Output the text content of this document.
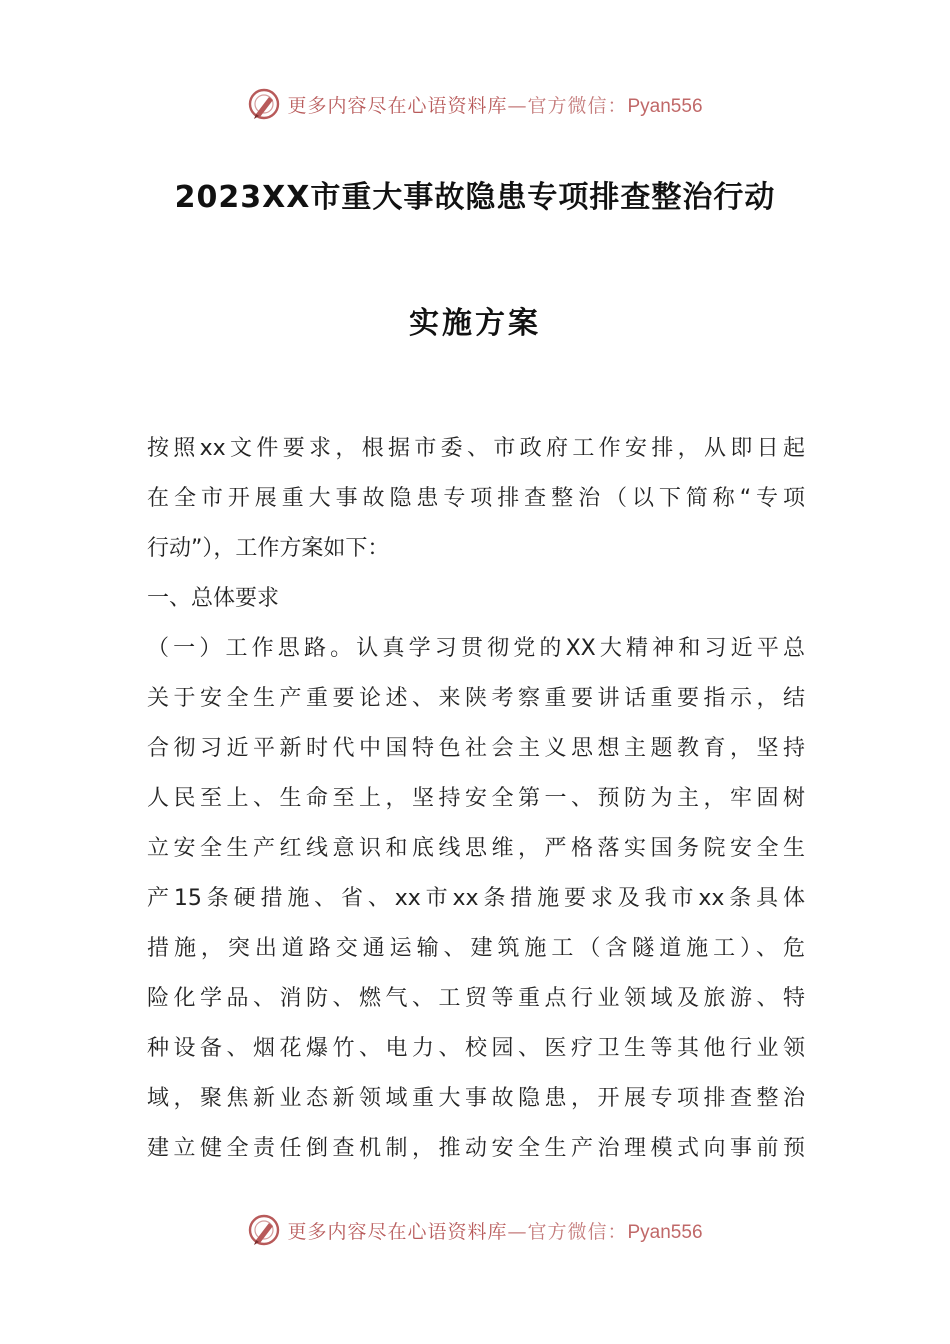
更多内容尽在心语资料库—官方微信：Pyan556
2023XX市重大事故隐患专项排查整治行动
实施方案
按照xx文件要求，根据市委、市政府工作安排，从即日起
在全市开展重大事故隐患专项排查整治（以下简称“专项
行动”），工作方案如下：
一、总体要求
（一）工作思路。认真学习贯彻党的XX大精神和习近平总
关于安全生产重要论述、来陕考察重要讲话重要指示，结
合彻习近平新时代中国特色社会主义思想主题教育，坚持
人民至上、生命至上，坚持安全第一、预防为主，牢固树
立安全生产红线意识和底线思维，严格落实国务院安全生
产15条硬措施、省、xx市xx条措施要求及我市xx条具体
措施，突出道路交通运输、建筑施工（含隧道施工）、危
险化学品、消防、燃气、工贸等重点行业领域及旅游、特
种设备、烟花爆竹、电力、校园、医疗卫生等其他行业领
域，聚焦新业态新领域重大事故隐患，开展专项排查整治
建立健全责任倒查机制，推动安全生产治理模式向事前预
更多内容尽在心语资料库—官方微信：Pyan556
